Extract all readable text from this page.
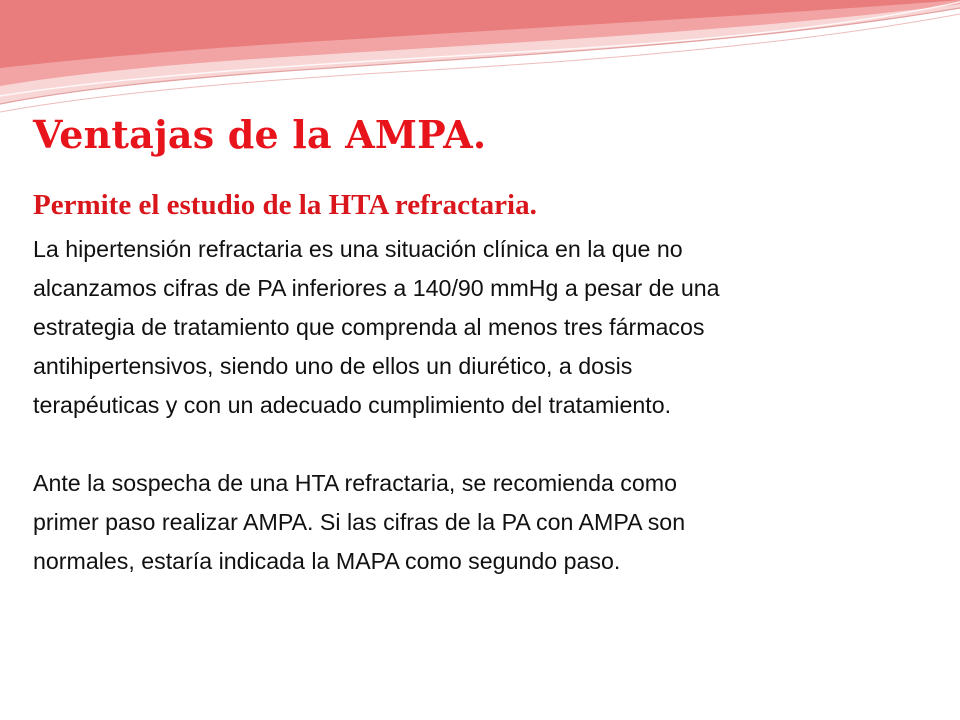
Ventajas de la AMPA.
Permite el estudio de la HTA refractaria.

La hipertensión refractaria es una situación clínica en la que no

alcanzamos cifras de PA inferiores a 140/90 mmHg a pesar de una

estrategia de tratamiento que comprenda al menos tres fármacos

antihipertensivos, siendo uno de ellos un diurético, a dosis

terapéuticas y con un adecuado cumplimiento del tratamiento.

Ante la sospecha de una HTA refractaria, se recomienda como

primer paso realizar AMPA. Si las cifras de la PA con AMPA son

normales, estaría indicada la MAPA como segundo paso.
